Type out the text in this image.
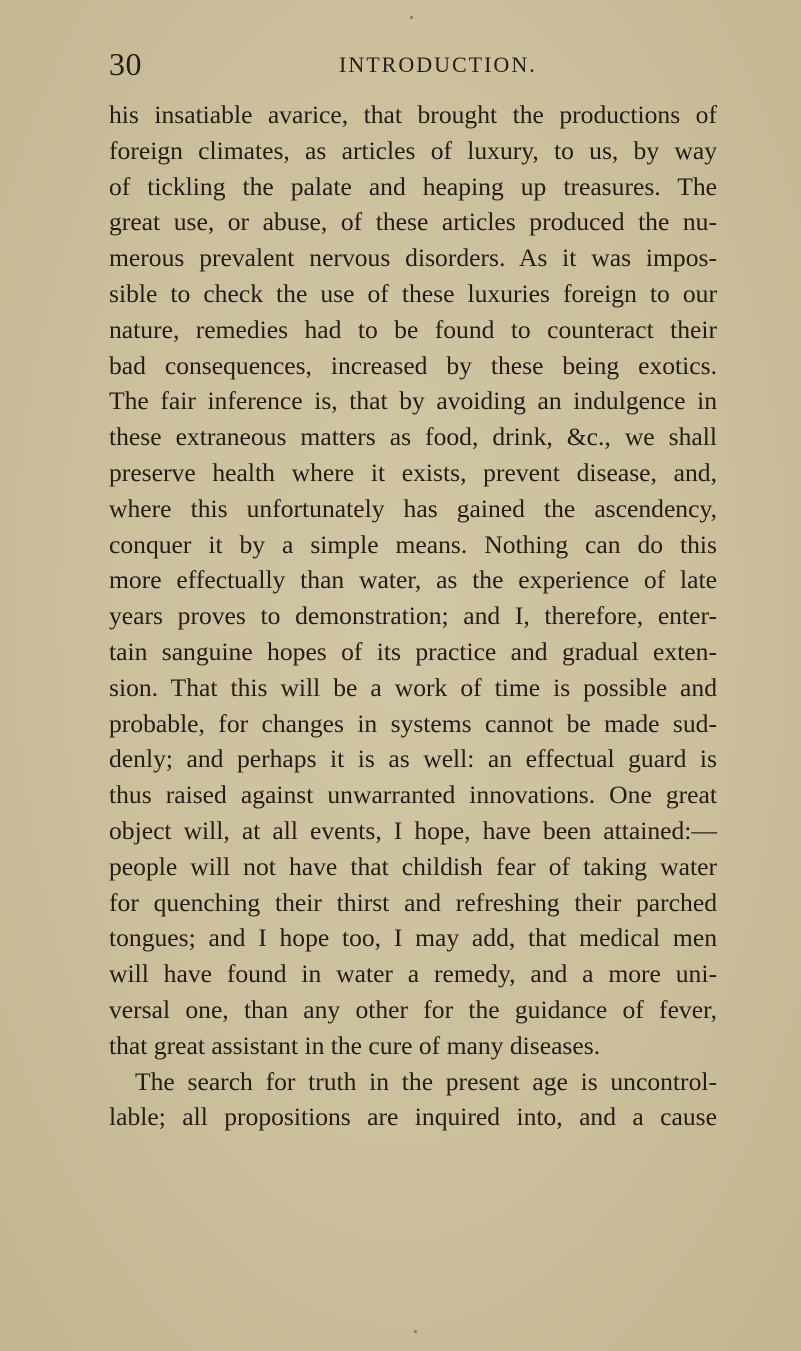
30	INTRODUCTION.
his insatiable avarice, that brought the productions of
foreign climates, as articles of luxury, to us, by way
of tickling the palate and heaping up treasures. The
great use, or abuse, of these articles produced the nu-
merous prevalent nervous disorders. As it was impos-
sible to check the use of these luxuries foreign to our
nature, remedies had to be found to counteract their
bad consequences, increased by these being exotics.
The fair inference is, that by avoiding an indulgence in
these extraneous matters as food, drink, &c., we shall
preserve health where it exists, prevent disease, and,
where this unfortunately has gained the ascendency,
conquer it by a simple means. Nothing can do this
more effectually than water, as the experience of late
years proves to demonstration; and I, therefore, enter-
tain sanguine hopes of its practice and gradual exten-
sion. That this will be a work of time is possible and
probable, for changes in systems cannot be made sud-
denly; and perhaps it is as well: an effectual guard is
thus raised against unwarranted innovations. One great
object will, at all events, I hope, have been attained:—
people will not have that childish fear of taking water
for quenching their thirst and refreshing their parched
tongues; and I hope too, I may add, that medical men
will have found in water a remedy, and a more uni-
versal one, than any other for the guidance of fever,
that great assistant in the cure of many diseases.
The search for truth in the present age is uncontrol-
lable; all propositions are inquired into, and a cause
